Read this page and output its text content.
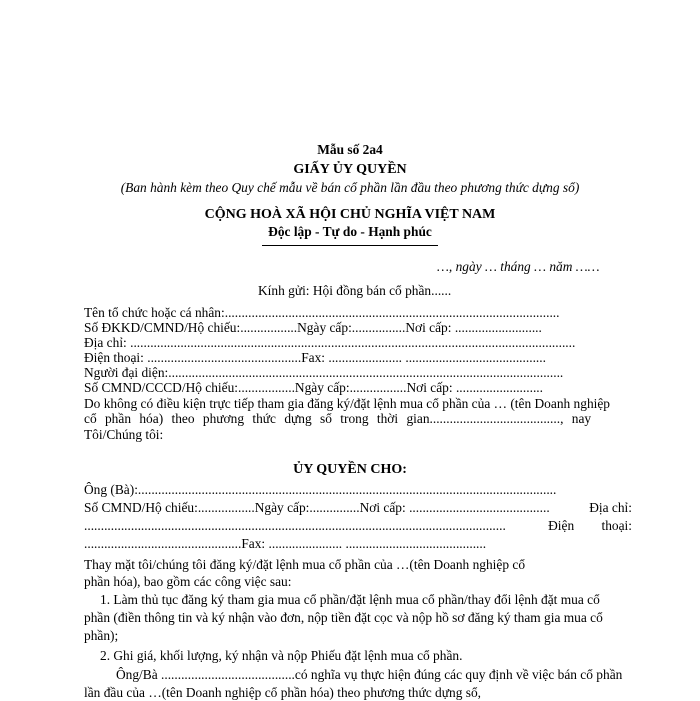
Mẫu số 2a4
GIẤY ỦY QUYỀN
(Ban hành kèm theo Quy chế mẫu về bán cổ phần lần đầu theo phương thức dựng sổ)
CỘNG HOÀ XÃ HỘI CHỦ NGHĨA VIỆT NAM
Độc lập - Tự do - Hạnh phúc
…, ngày … tháng … năm ……
Kính gửi: Hội đồng bán cổ phần......
Tên tổ chức hoặc cá nhân:....................................................................................................
Số ĐKKD/CMND/Hộ chiếu:.................Ngày cấp:................Nơi cấp: ..........................
Địa chỉ: .....................................................................................................................................
Điện thoại: ..............................................Fax: ...................... ..........................................
Người đại diện:......................................................................................................................
Số CMND/CCCD/Hộ chiếu:.................Ngày cấp:.................Nơi cấp: ..........................
Do không có điều kiện trực tiếp tham gia đăng ký/đặt lệnh mua cổ phần của … (tên Doanh nghiệp
cổ phần hóa) theo phương thức dựng sổ trong thời gian......................................., nay
Tôi/Chúng tôi:
ỦY QUYỀN CHO:
Ông (Bà):.............................................................................................................................
Số CMND/Hộ chiếu:.................Ngày cấp:...............Nơi cấp: ..........................................	Địa chỉ:
..............................................................................................................................	Điện thoại:
...............................................Fax: ...................... ..........................................
Thay mặt tôi/chúng tôi đăng ký/đặt lệnh mua cổ phần của …(tên Doanh nghiệp cổ
phần hóa), bao gồm các công việc sau:
1. Làm thủ tục đăng ký tham gia mua cổ phần/đặt lệnh mua cổ phần/thay đổi lệnh đặt mua cổ
phần (điền thông tin và ký nhận vào đơn, nộp tiền đặt cọc và nộp hồ sơ đăng ký tham gia mua cổ
phần);
2. Ghi giá, khối lượng, ký nhận và nộp Phiếu đặt lệnh mua cổ phần.
Ông/Bà ........................................có nghĩa vụ thực hiện đúng các quy định về việc bán cổ phần
lần đầu của …(tên Doanh nghiệp cổ phần hóa) theo phương thức dựng sổ,
